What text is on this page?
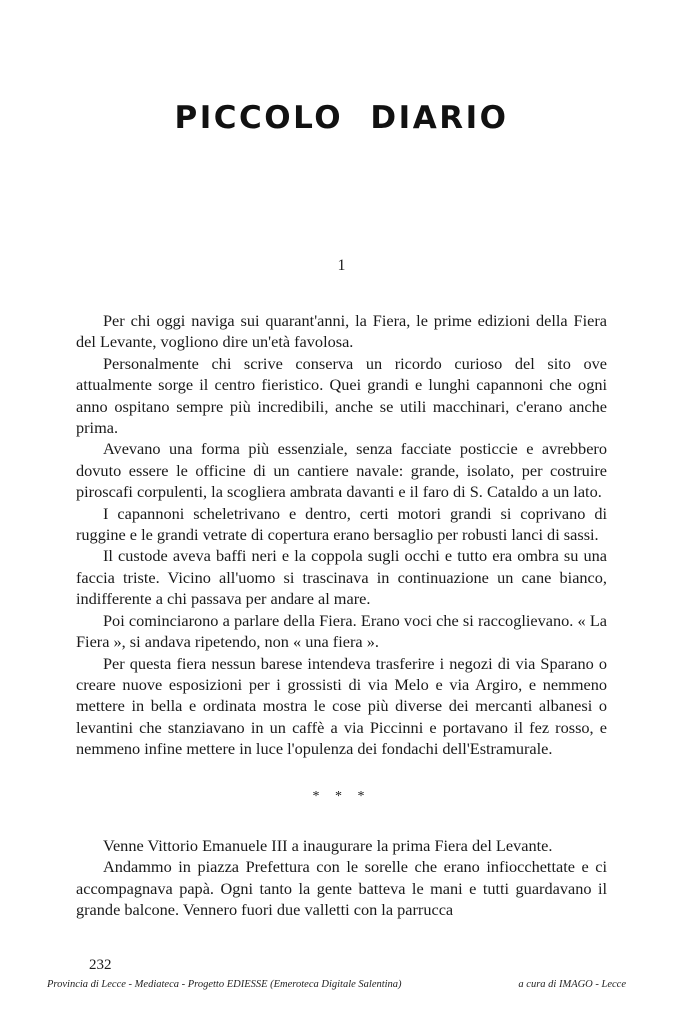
PICCOLO DIARIO
1

Per chi oggi naviga sui quarant'anni, la Fiera, le prime edizioni della Fiera del Levante, vogliono dire un'età favolosa.

Personalmente chi scrive conserva un ricordo curioso del sito ove attualmente sorge il centro fieristico. Quei grandi e lunghi capannoni che ogni anno ospitano sempre più incredibili, anche se utili macchinari, c'erano anche prima.

Avevano una forma più essenziale, senza facciate posticcie e avrebbero dovuto essere le officine di un cantiere navale: grande, isolato, per costruire piroscafi corpulenti, la scogliera ambrata davanti e il faro di S. Cataldo a un lato.

I capannoni scheletrivano e dentro, certi motori grandi si coprivano di ruggine e le grandi vetrate di copertura erano bersaglio per robusti lanci di sassi.

Il custode aveva baffi neri e la coppola sugli occhi e tutto era ombra su una faccia triste. Vicino all'uomo si trascinava in continuazione un cane bianco, indifferente a chi passava per andare al mare.

Poi cominciarono a parlare della Fiera. Erano voci che si raccoglievano. « La Fiera », si andava ripetendo, non « una fiera ».

Per questa fiera nessun barese intendeva trasferire i negozi di via Sparano o creare nuove esposizioni per i grossisti di via Melo e via Argiro, e nemmeno mettere in bella e ordinata mostra le cose più diverse dei mercanti albanesi o levantini che stanziavano in un caffè a via Piccinni e portavano il fez rosso, e nemmeno infine mettere in luce l'opulenza dei fondachi dell'Estramurale.

* * *

Venne Vittorio Emanuele III a inaugurare la prima Fiera del Levante.

Andammo in piazza Prefettura con le sorelle che erano infiocchettate e ci accompagnava papà. Ogni tanto la gente batteva le mani e tutti guardavano il grande balcone. Vennero fuori due valletti con la parrucca

232
Provincia di Lecce - Mediateca - Progetto EDIESSE (Emeroteca Digitale Salentina)	a cura di IMAGO - Lecce
